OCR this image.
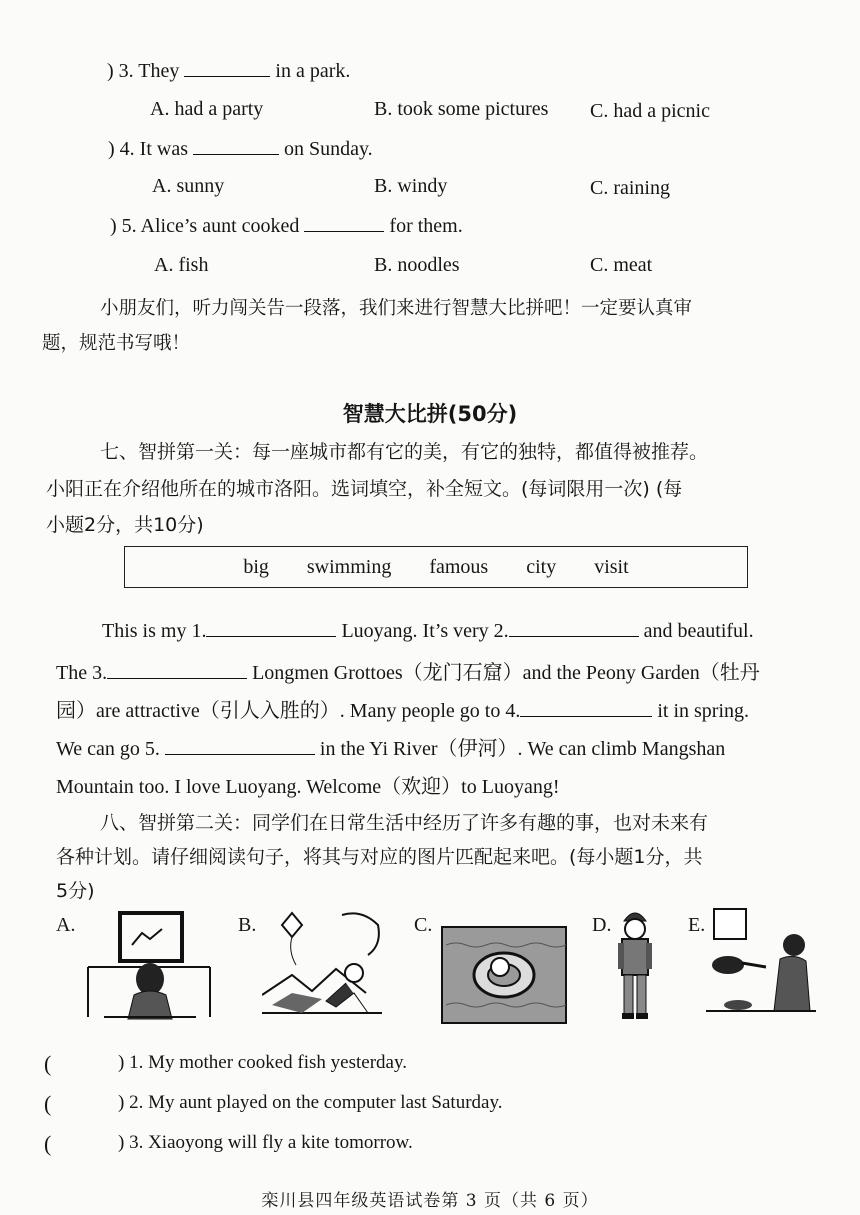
) 3. They	in a park.
A. had a party	B. took some pictures C. had a picnic
) 4. It was	on Sunday.
A. sunny	B. windy	C. raining
) 5. Alice’s aunt cooked	for them.
A. fish	B. noodles	C. meat
小朋友们，听力闯关告一段落，我们来进行智慧大比拼吧！一定要认真审
题，规范书写哦！
智慧大比拼(50分)
七、智拼第一关：每一座城市都有它的美，有它的独特，都值得被推荐。
小阳正在介绍他所在的城市洛阳。选词填空，补全短文。(每词限用一次) (每
小题2分，共10分)
big swimming famous city visit
This is my 1.	Luoyang. It’s very 2.	and beautiful.
The 3.	Longmen Grottoes（龙门石窟）and the Peony Garden（牡丹
园）are attractive（引人入胜的）. Many people go to 4.	it in spring.
We can go 5.	in the Yi River（伊河）. We can climb Mangshan
Mountain too. I love Luoyang. Welcome（欢迎）to Luoyang!
八、智拼第二关：同学们在日常生活中经历了许多有趣的事，也对未来有
各种计划。请仔细阅读句子，将其与对应的图片匹配起来吧。(每小题1分，共
5分)
A.	B.	C.	D.	E.
(	) 1. My mother cooked fish yesterday.
(	) 2. My aunt played on the computer last Saturday.
(	) 3. Xiaoyong will fly a kite tomorrow.
栾川县四年级英语试卷第 3 页（共 6 页）
